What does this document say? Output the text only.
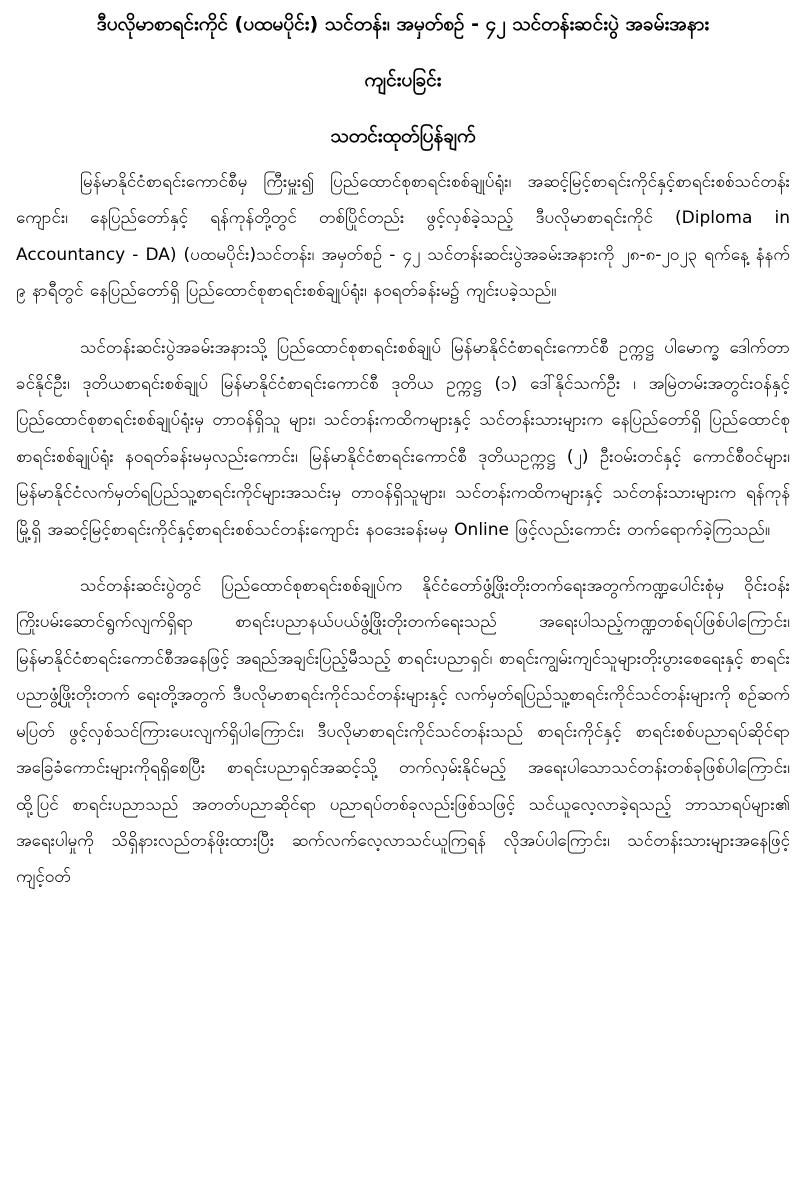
ဒီပလိုမာစာရင်းကိုင် (ပထမပိုင်း) သင်တန်း၊ အမှတ်စဉ် - ၄၂ သင်တန်းဆင်းပွဲ အခမ်းအနား
ကျင်းပခြင်း
သတင်းထုတ်ပြန်ချက်

မြန်မာနိုင်ငံစာရင်းကောင်စီမှ ကြီးမှူး၍ ပြည်ထောင်စုစာရင်းစစ်ချုပ်ရုံး၊ အဆင့်မြင့်စာရင်းကိုင်နှင့်စာရင်းစစ်သင်တန်းကျောင်း၊ နေပြည်တော်နှင့် ရန်ကုန်တို့တွင် တစ်ပြိုင်တည်း ဖွင့်လှစ်ခဲ့သည့် ဒီပလိုမာစာရင်းကိုင် (Diploma in Accountancy - DA) (ပထမပိုင်း)သင်တန်း၊ အမှတ်စဉ် - ၄၂ သင်တန်းဆင်းပွဲအခမ်းအနားကို ၂၈-၈-၂၀၂၃ ရက်နေ့ နံနက် ၉ နာရီတွင် နေပြည်တော်ရှိ ပြည်ထောင်စုစာရင်းစစ်ချုပ်ရုံး၊ နဝရတ်ခန်းမ၌ ကျင်းပခဲ့သည်။

သင်တန်းဆင်းပွဲအခမ်းအနားသို့ ပြည်ထောင်စုစာရင်းစစ်ချုပ် မြန်မာနိုင်ငံစာရင်းကောင်စီ ဥက္ကဋ္ဌ ပါမောက္ခ ဒေါက်တာ ခင်နိုင်ဦး၊ ဒုတိယစာရင်းစစ်ချုပ် မြန်မာနိုင်ငံစာရင်းကောင်စီ ဒုတိယ ဥက္ကဋ္ဌ (၁) ဒေါ်နိုင်သက်ဦး ၊ အမြဲတမ်းအတွင်းဝန်နှင့် ပြည်ထောင်စုစာရင်းစစ်ချုပ်ရုံးမှ တာဝန်ရှိသူ များ၊ သင်တန်းကထိကများနှင့် သင်တန်းသားများက နေပြည်တော်ရှိ ပြည်ထောင်စုစာရင်းစစ်ချုပ်ရုံး နဝရတ်ခန်းမမှလည်းကောင်း၊ မြန်မာနိုင်ငံစာရင်းကောင်စီ ဒုတိယဥက္ကဋ္ဌ (၂) ဦးဝမ်းတင်နှင့် ကောင်စီဝင်များ၊ မြန်မာနိုင်ငံလက်မှတ်ရပြည်သူ့စာရင်းကိုင်များအသင်းမှ တာဝန်ရှိသူများ၊ သင်တန်းကထိကများနှင့် သင်တန်းသားများက ရန်ကုန်မြို့ရှိ အဆင့်မြင့်စာရင်းကိုင်နှင့်စာရင်းစစ်သင်တန်းကျောင်း နဝဒေးခန်းမမှ Online ဖြင့်လည်းကောင်း တက်ရောက်ခဲ့ကြသည်။

သင်တန်းဆင်းပွဲတွင် ပြည်ထောင်စုစာရင်းစစ်ချုပ်က နိုင်ငံတော်ဖွံ့ဖြိုးတိုးတက်ရေးအတွက်ကဏ္ဍပေါင်းစုံမှ ဝိုင်းဝန်းကြိုးပမ်းဆောင်ရွက်လျက်ရှိရာ စာရင်းပညာနယ်ပယ်ဖွံ့ဖြိုးတိုးတက်ရေးသည် အရေးပါသည့်ကဏ္ဍတစ်ရပ်ဖြစ်ပါကြောင်း၊ မြန်မာနိုင်ငံစာရင်းကောင်စီအနေဖြင့် အရည်အချင်းပြည့်မီသည့် စာရင်းပညာရှင်၊ စာရင်းကျွမ်းကျင်သူများတိုးပွားစေရေးနှင့် စာရင်းပညာဖွံ့ဖြိုးတိုးတက် ရေးတို့အတွက် ဒီပလိုမာစာရင်းကိုင်သင်တန်းများနှင့် လက်မှတ်ရပြည်သူ့စာရင်းကိုင်သင်တန်းများကို စဉ်ဆက်မပြတ် ဖွင့်လှစ်သင်ကြားပေးလျက်ရှိပါကြောင်း၊ ဒီပလိုမာစာရင်းကိုင်သင်တန်းသည် စာရင်းကိုင်နှင့် စာရင်းစစ်ပညာရပ်ဆိုင်ရာ အခြေခံကောင်းများကိုရရှိစေပြီး စာရင်းပညာရှင်အဆင့်သို့ တက်လှမ်းနိုင်မည့် အရေးပါသောသင်တန်းတစ်ခုဖြစ်ပါကြောင်း၊ ထို့ပြင် စာရင်းပညာသည် အတတ်ပညာဆိုင်ရာ ပညာရပ်တစ်ခုလည်းဖြစ်သဖြင့် သင်ယူလေ့လာခဲ့ရသည့် ဘာသာရပ်များ၏ အရေးပါမှုကို သိရှိနားလည်တန်ဖိုးထားပြီး ဆက်လက်လေ့လာသင်ယူကြရန် လိုအပ်ပါကြောင်း၊ သင်တန်းသားများအနေဖြင့် ကျင့်ဝတ်
